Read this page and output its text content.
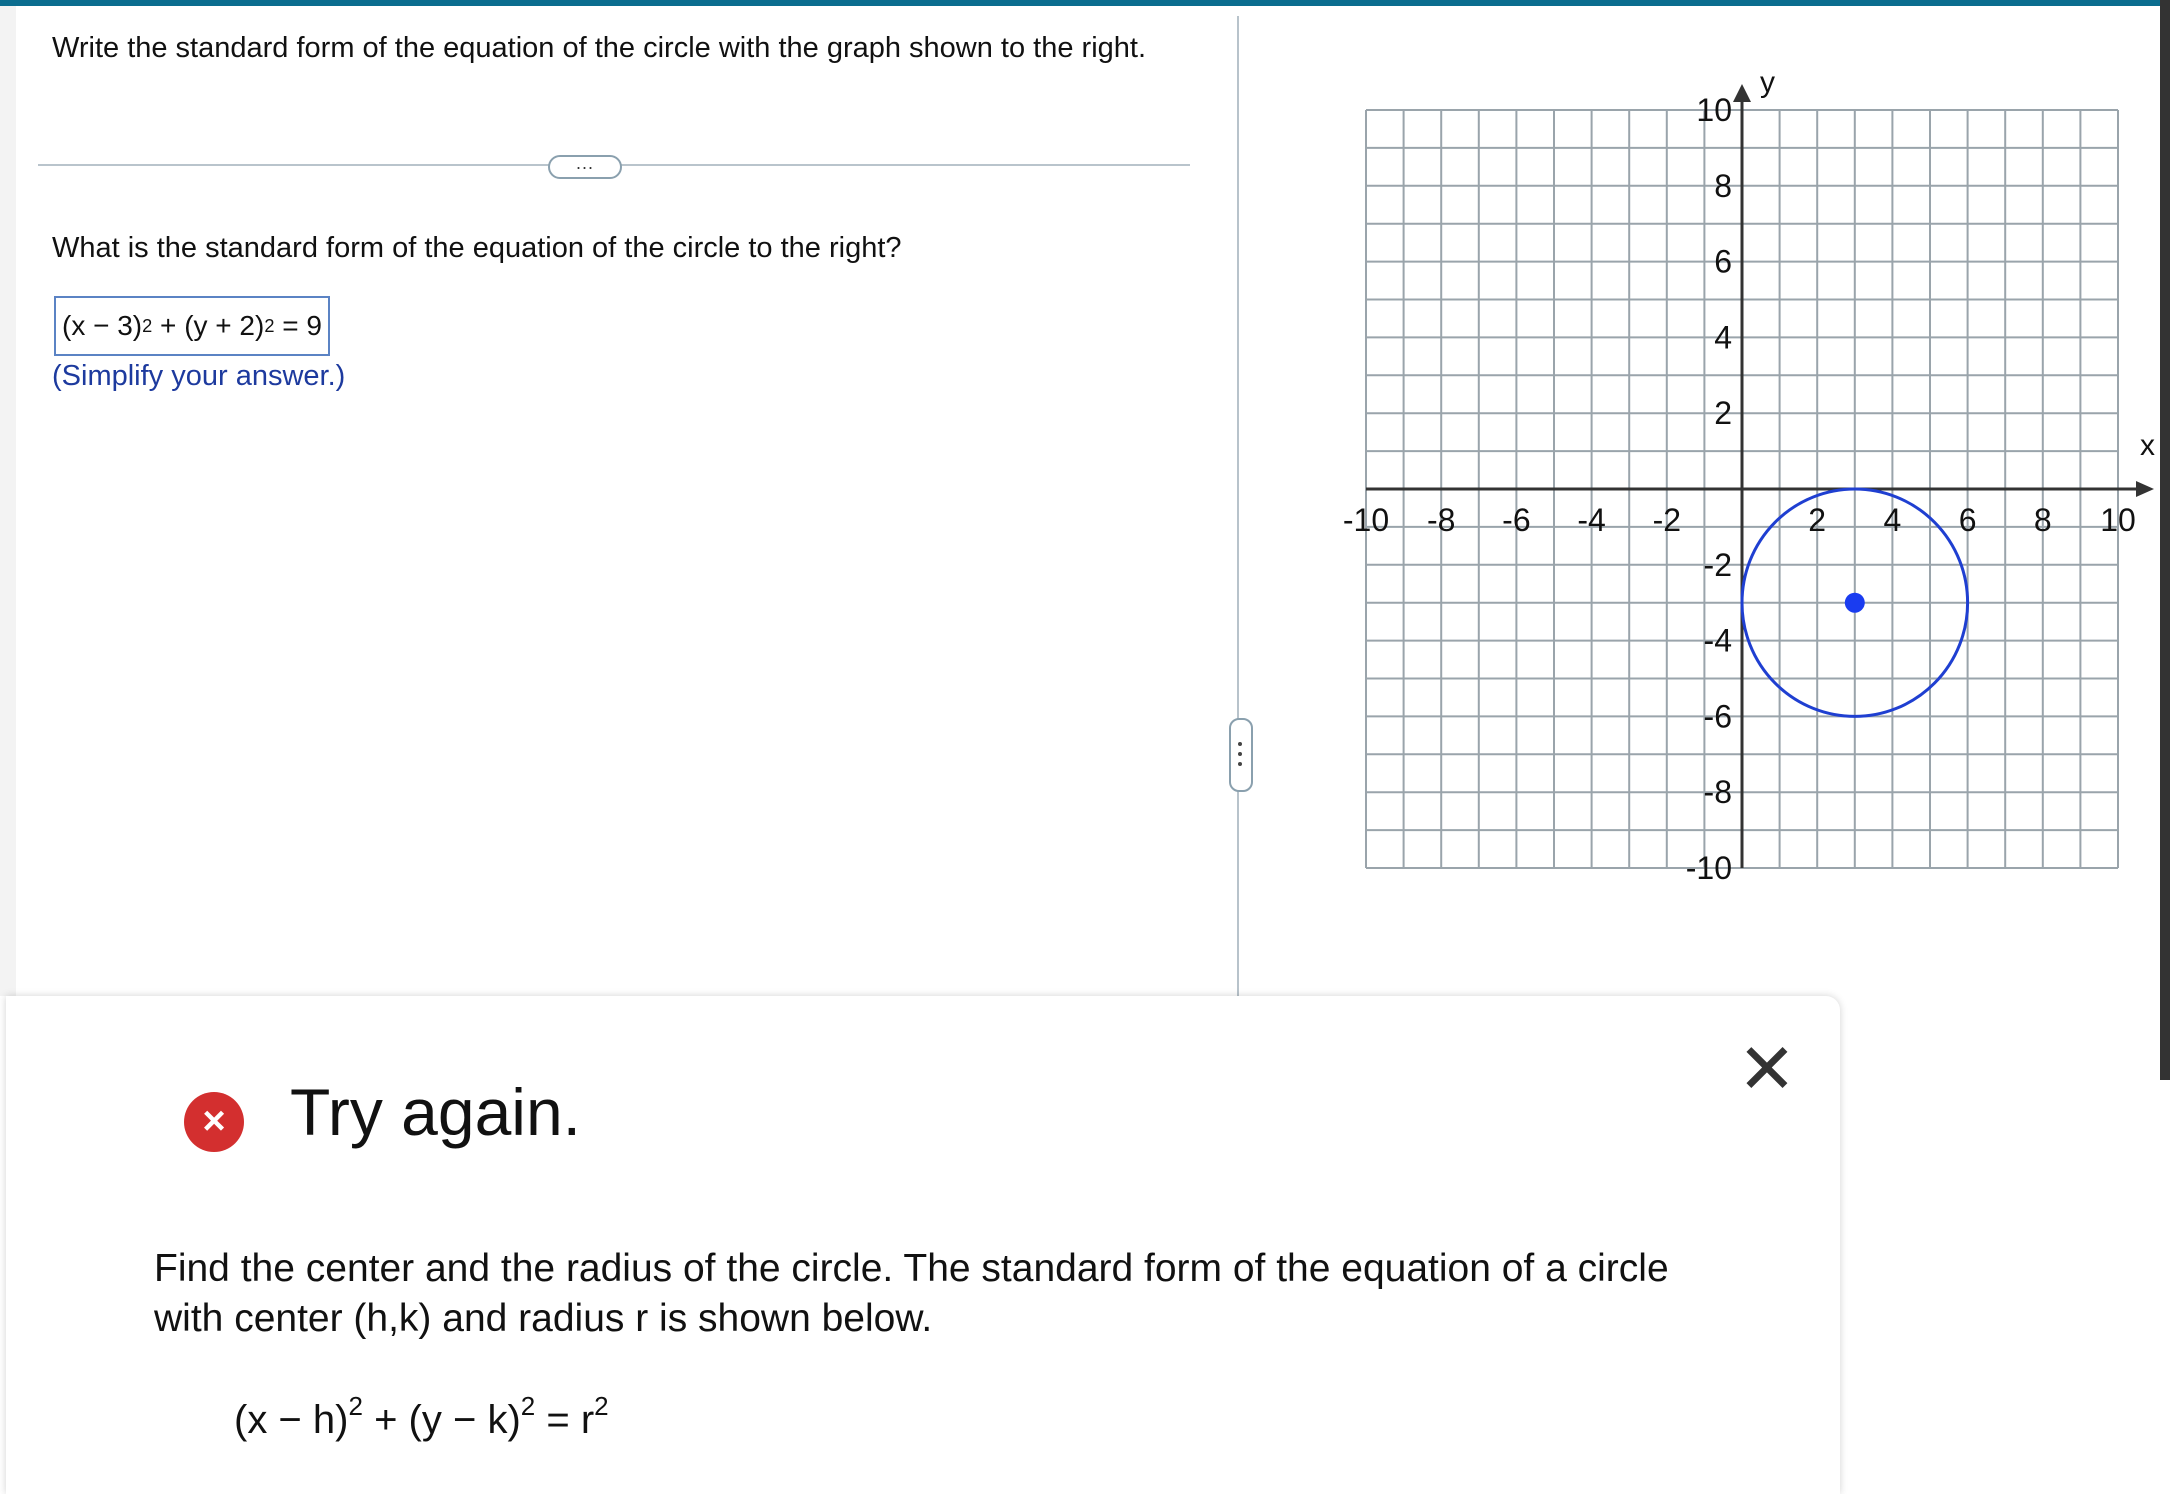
Write the standard form of the equation of the circle with the graph shown to the right.
...
What is the standard form of the equation of the circle to the right?
(x − 3) 2 + (y + 2) 2 = 9
(Simplify your answer.)
x
y
-10
-10
-8
-8
-6
-6
-4
-4
-2
-2
2
2
4
4
6
6
8
8
10
10
× Try again.
✕
Find the center and the radius of the circle. The standard form of the equation of a circle with center (h,k) and radius r is shown below.
$(x - h)^2 + (y - k)^2 = r^2$
